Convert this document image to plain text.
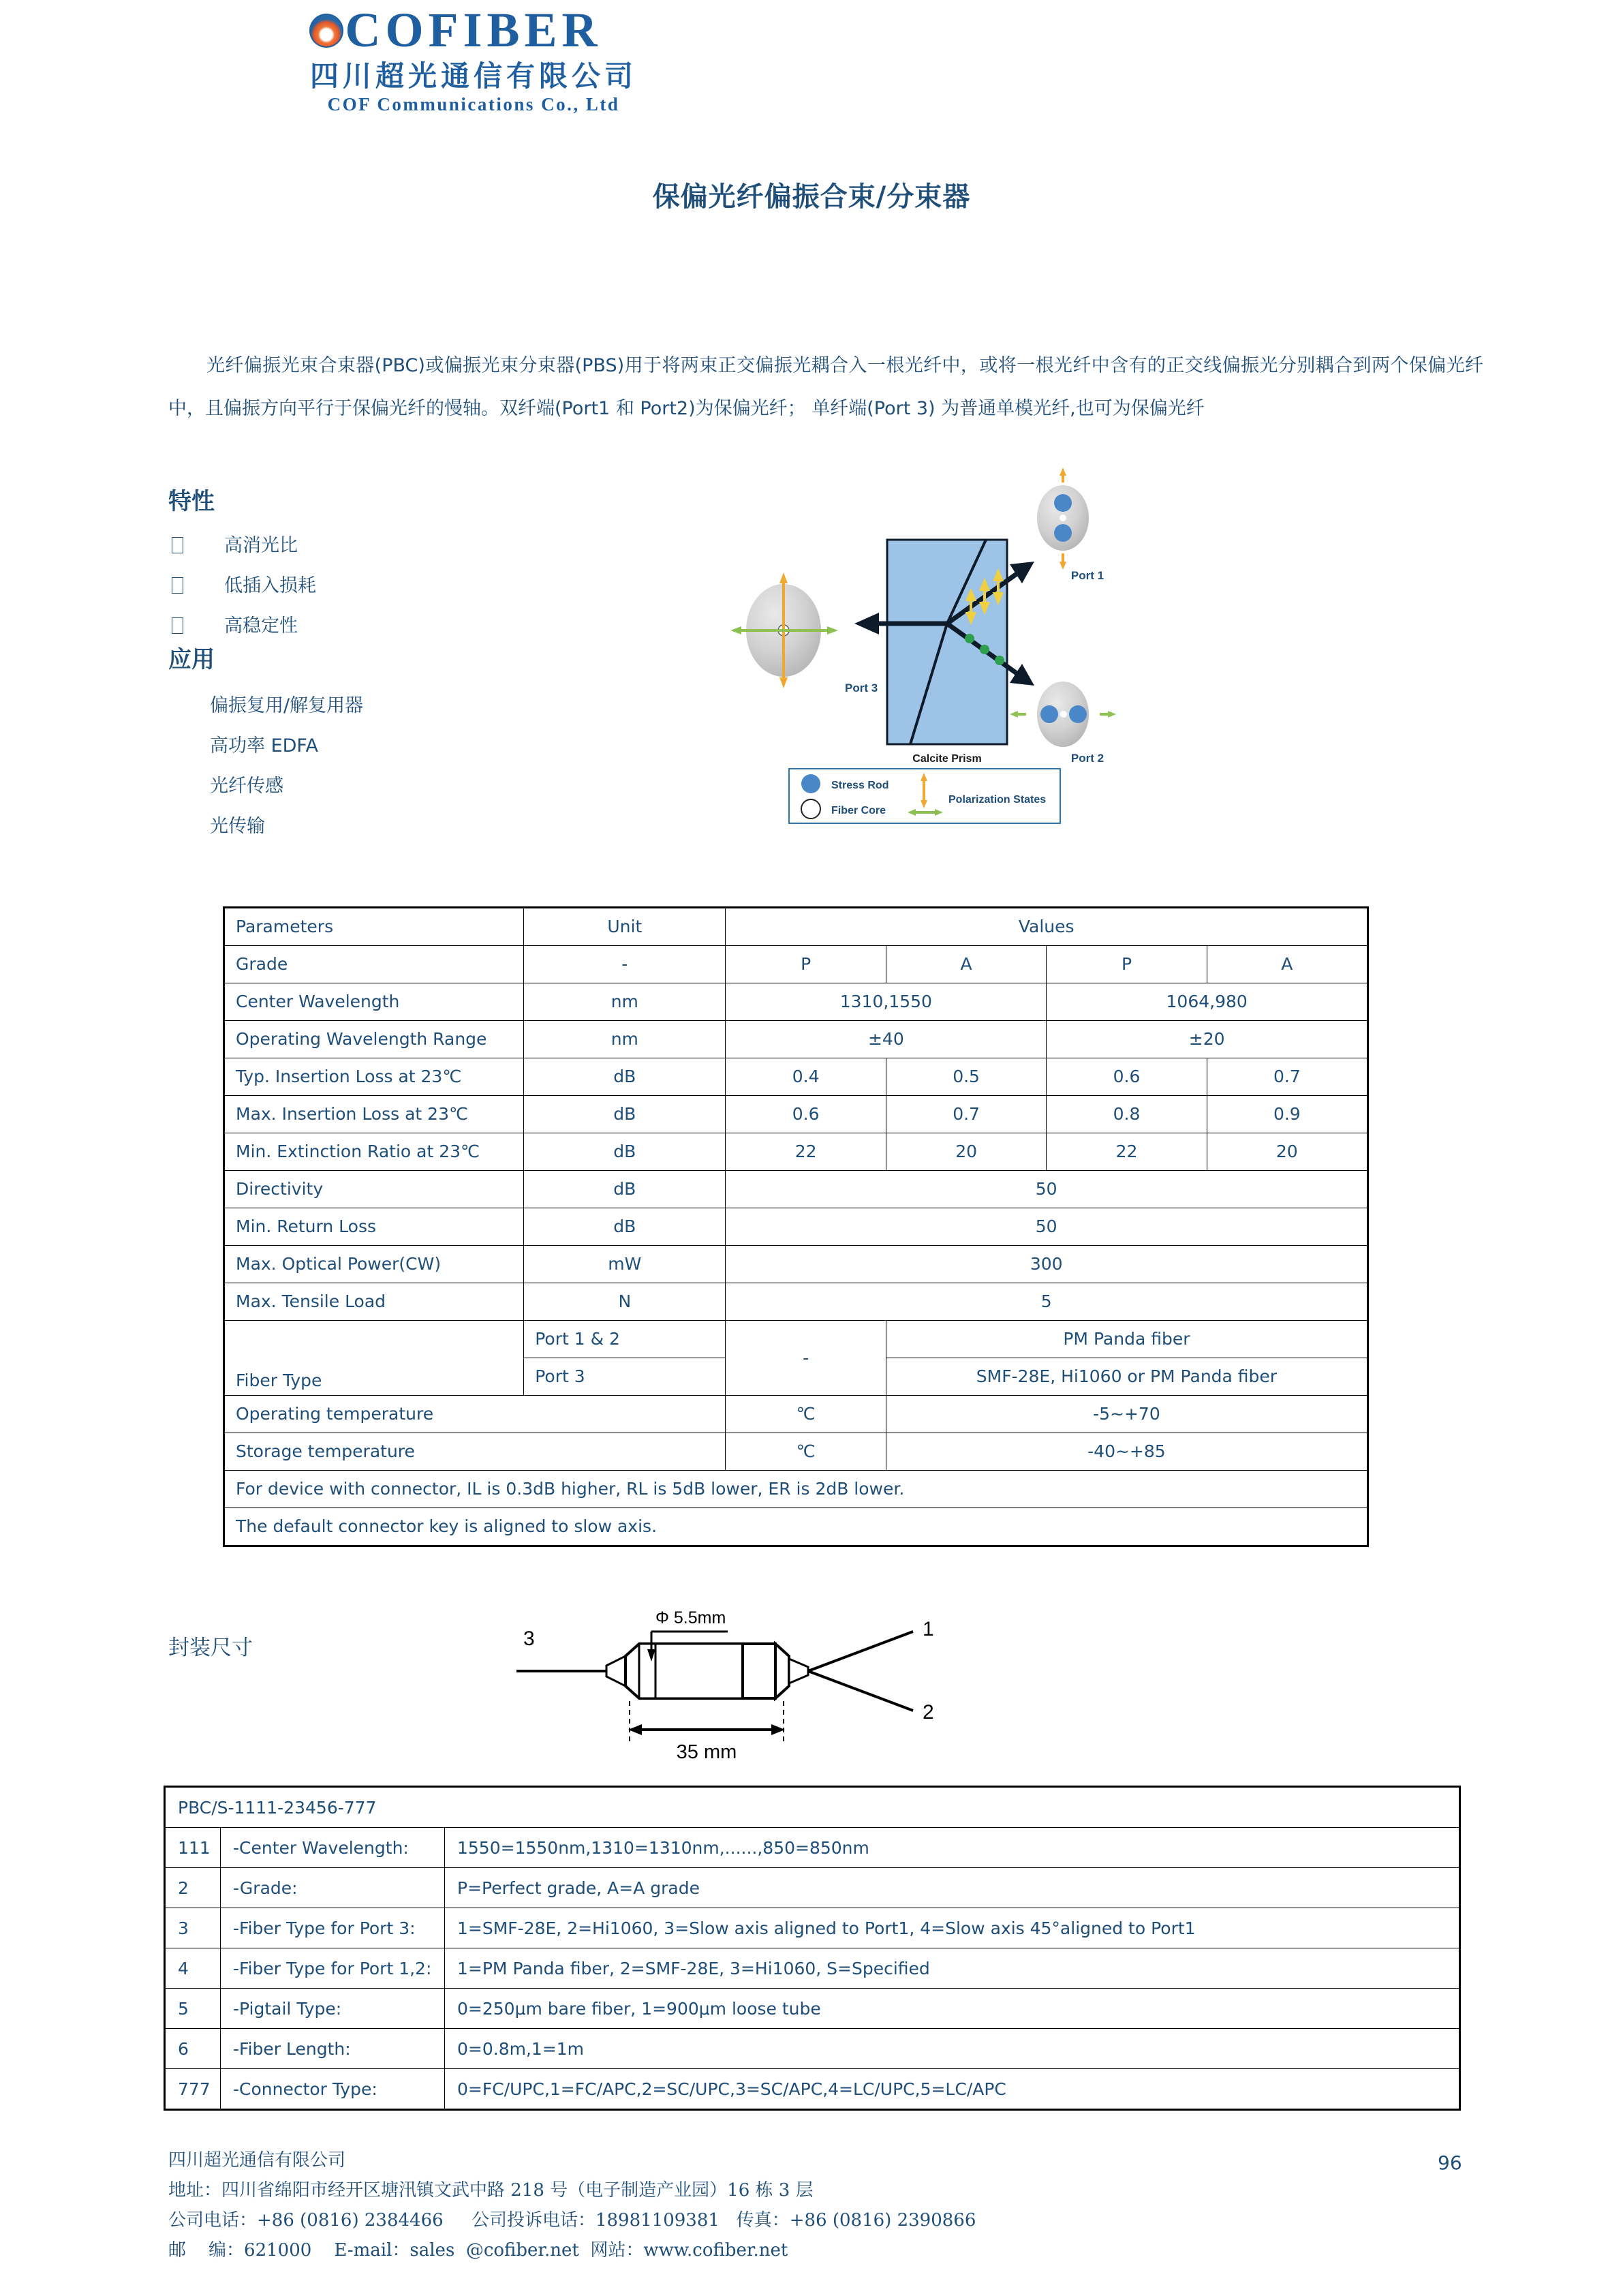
COFIBER
四川超光通信有限公司
COF Communications Co., Ltd
保偏光纤偏振合束/分束器
光纤偏振光束合束器(PBC)或偏振光束分束器(PBS)用于将两束正交偏振光耦合入一根光纤中，或将一根光纤中含有的正交线偏振光分别耦合到两个保偏光纤中，且偏振方向平行于保偏光纤的慢轴。双纤端(Port1 和 Port2)为保偏光纤； 单纤端(Port 3) 为普通单模光纤,也可为保偏光纤
特性
高消光比
低插入损耗
高稳定性
应用
偏振复用/解复用器
高功率 EDFA
光纤传感
光传输
Calcite Prism
Port 3
Port 1
Port 2
Stress Rod
Fiber Core
Polarization States
Parameters	Unit	Values			
Grade	-	P	A	P	A
Center Wavelength	nm	1310,1550		1064,980	
Operating Wavelength Range	nm	±40		±20	
Typ. Insertion Loss at 23℃	dB	0.4	0.5	0.6	0.7
Max. Insertion Loss at 23℃	dB	0.6	0.7	0.8	0.9
Min. Extinction Ratio at 23℃	dB	22	20	22	20
Directivity	dB	50			
Min. Return Loss	dB	50			
Max. Optical Power(CW)	mW	300			
Max. Tensile Load	N	5			
Fiber Type	Port 1 & 2	-	PM Panda fiber		
	Port 3		SMF-28E, Hi1060 or PM Panda fiber		
Operating temperature		℃	-5~+70		
Storage temperature		℃	-40~+85		
For device with connector, IL is 0.3dB higher, RL is 5dB lower, ER is 2dB lower.					
The default connector key is aligned to slow axis.					
封装尺寸	3	1
2
Φ 5.5mm
35 mm
PBC/S-1111-23456-777		
111	-Center Wavelength:	1550=1550nm,1310=1310nm,......,850=850nm
2	-Grade:	P=Perfect grade, A=A grade
3	-Fiber Type for Port 3:	1=SMF-28E, 2=Hi1060, 3=Slow axis aligned to Port1, 4=Slow axis 45°aligned to Port1
4	-Fiber Type for Port 1,2:	1=PM Panda fiber, 2=SMF-28E, 3=Hi1060, S=Specified
5	-Pigtail Type:	0=250μm bare fiber, 1=900μm loose tube
6	-Fiber Length:	0=0.8m,1=1m
777	-Connector Type:	0=FC/UPC,1=FC/APC,2=SC/UPC,3=SC/APC,4=LC/UPC,5=LC/APC
四川超光通信有限公司
地址：四川省绵阳市经开区塘汛镇文武中路 218 号（电子制造产业园）16 栋 3 层
公司电话：+86 (0816) 2384466     公司投诉电话：18981109381   传真：+86 (0816) 2390866
邮    编：621000    E-mail：sales  @cofiber.net  网站：www.cofiber.net
96
